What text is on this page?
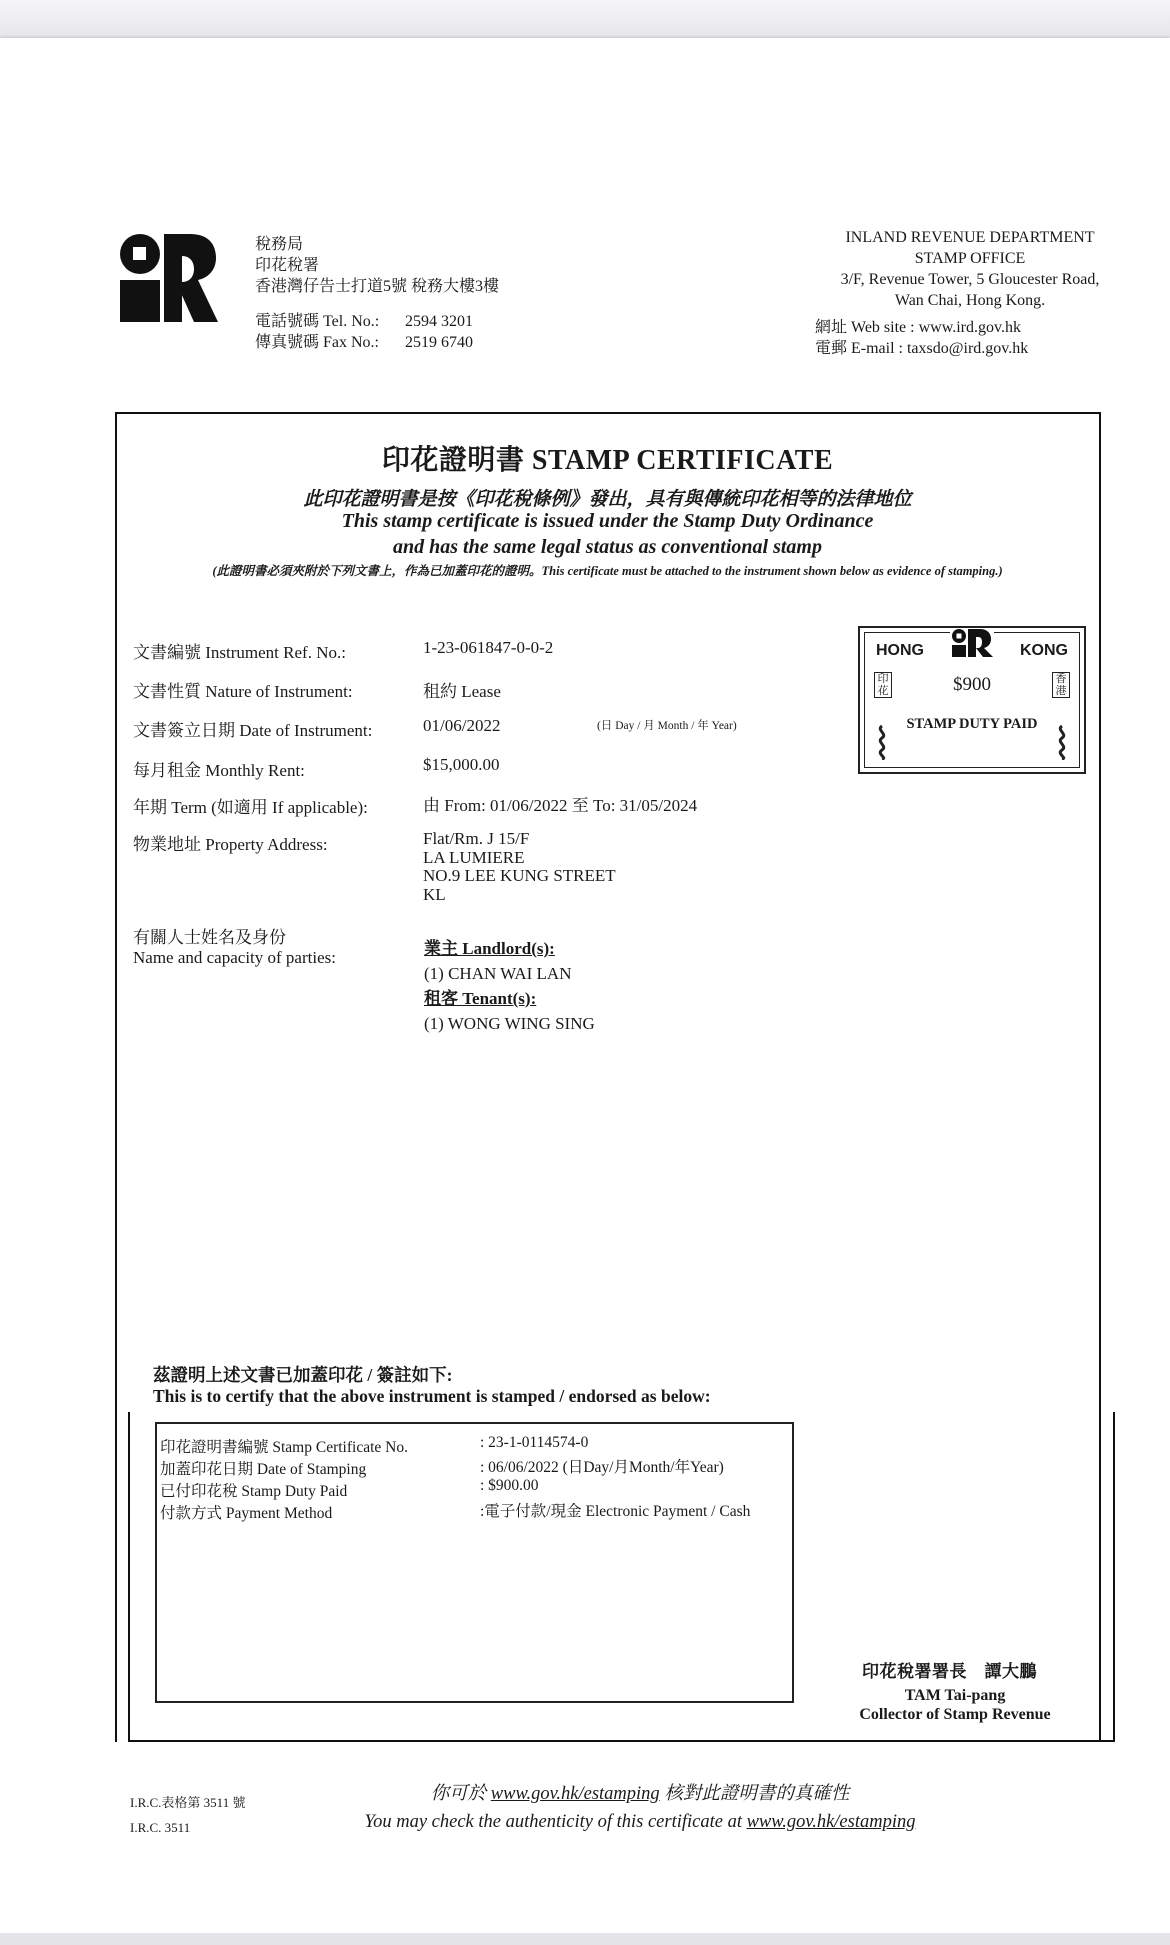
稅務局
印花稅署
香港灣仔告士打道5號 稅務大樓3樓
電話號碼 Tel. No.: 2594 3201
傳真號碼 Fax No.: 2519 6740
INLAND REVENUE DEPARTMENT
STAMP OFFICE
3/F, Revenue Tower, 5 Gloucester Road,
Wan Chai, Hong Kong.
網址 Web site : www.ird.gov.hk
電郵 E-mail : taxsdo@ird.gov.hk
印花證明書 STAMP CERTIFICATE
此印花證明書是按《印花稅條例》發出，具有與傳統印花相等的法律地位
This stamp certificate is issued under the Stamp Duty Ordinance
and has the same legal status as conventional stamp
(此證明書必須夾附於下列文書上，作為已加蓋印花的證明。This certificate must be attached to the instrument shown below as evidence of stamping.)
文書編號 Instrument Ref. No.:	1-23-061847-0-0-2
文書性質 Nature of Instrument:	租約 Lease
文書簽立日期 Date of Instrument:	01/06/2022	(日 Day / 月 Month / 年 Year)
每月租金 Monthly Rent:	$15,000.00
年期 Term (如適用 If applicable):	由 From: 01/06/2022 至 To: 31/05/2024
物業地址 Property Address:	Flat/Rm. J 15/F
LA LUMIERE
NO.9 LEE KUNG STREET
KL
有關人士姓名及身份
Name and capacity of parties:	業主 Landlord(s):
(1) CHAN WAI LAN
租客 Tenant(s):
(1) WONG WING SING
HONG	KONG
$900
STAMP DUTY PAID
印花
香港
茲證明上述文書已加蓋印花 / 簽註如下:
This is to certify that the above instrument is stamped / endorsed as below:
印花證明書編號 Stamp Certificate No.	: 23-1-0114574-0
加蓋印花日期 Date of Stamping	: 06/06/2022 (日Day/月Month/年Year)
已付印花稅 Stamp Duty Paid	: $900.00
付款方式 Payment Method	:電子付款/現金 Electronic Payment / Cash
印花稅署署長　譚大鵬
TAM Tai-pang
Collector of Stamp Revenue
I.R.C.表格第 3511 號
I.R.C. 3511
你可於 www.gov.hk/estamping 核對此證明書的真確性
You may check the authenticity of this certificate at www.gov.hk/estamping
